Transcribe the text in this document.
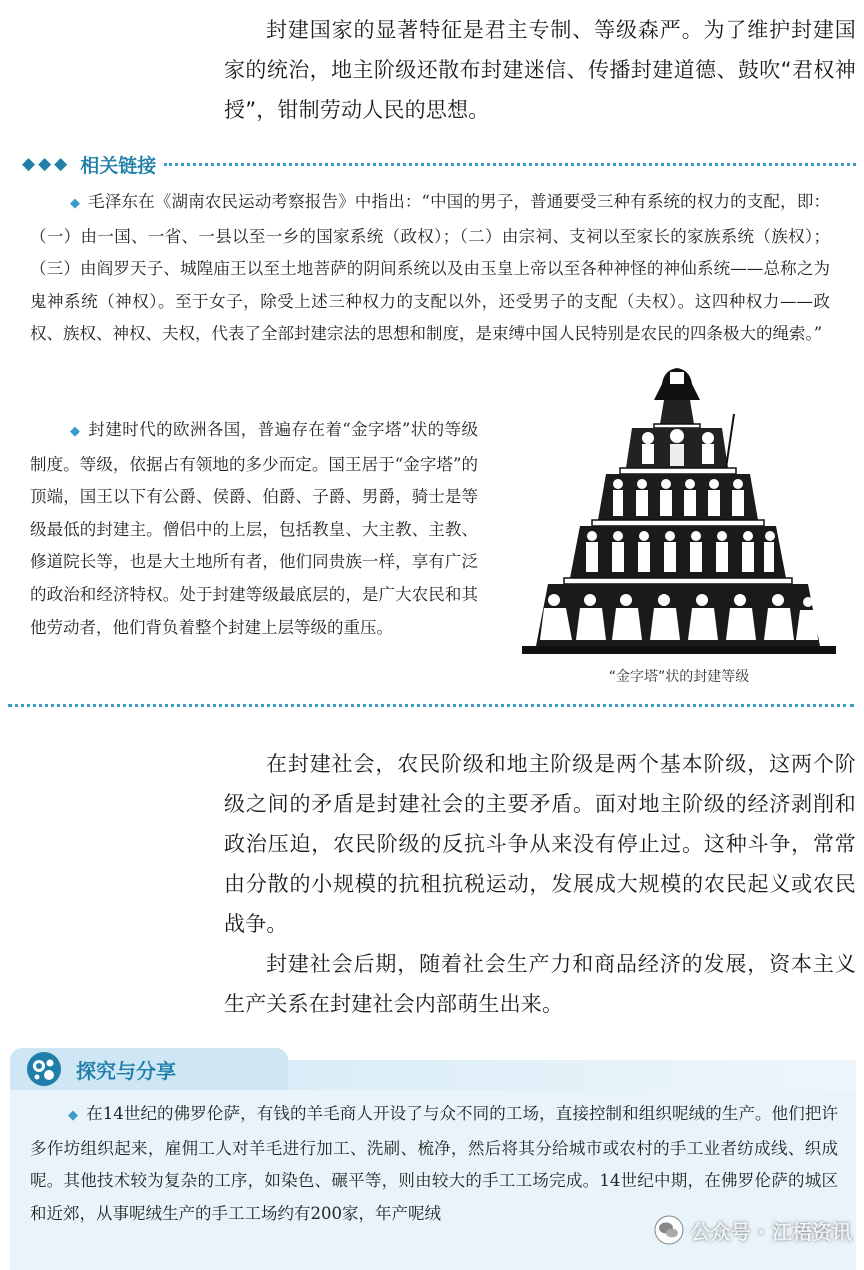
封建国家的显著特征是君主专制、等级森严。为了维护封建国家的统治，地主阶级还散布封建迷信、传播封建道德、鼓吹“君权神授”，钳制劳动人民的思想。

◆◆◆ 相关链接

◆ 毛泽东在《湖南农民运动考察报告》中指出：“中国的男子，普通要受三种有系统的权力的支配，即：（一）由一国、一省、一县以至一乡的国家系统（政权）；（二）由宗祠、支祠以至家长的家族系统（族权）；（三）由阎罗天子、城隍庙王以至土地菩萨的阴间系统以及由玉皇上帝以至各种神怪的神仙系统——总称之为鬼神系统（神权）。至于女子，除受上述三种权力的支配以外，还受男子的支配（夫权）。这四种权力——政权、族权、神权、夫权，代表了全部封建宗法的思想和制度，是束缚中国人民特别是农民的四条极大的绳索。”

◆ 封建时代的欧洲各国，普遍存在着“金字塔”状的等级制度。等级，依据占有领地的多少而定。国王居于“金字塔”的顶端，国王以下有公爵、侯爵、伯爵、子爵、男爵，骑士是等级最低的封建主。僧侣中的上层，包括教皇、大主教、主教、修道院长等，也是大土地所有者，他们同贵族一样，享有广泛的政治和经济特权。处于封建等级最底层的，是广大农民和其他劳动者，他们背负着整个封建上层等级的重压。

“金字塔”状的封建等级

在封建社会，农民阶级和地主阶级是两个基本阶级，这两个阶级之间的矛盾是封建社会的主要矛盾。面对地主阶级的经济剥削和政治压迫，农民阶级的反抗斗争从来没有停止过。这种斗争，常常由分散的小规模的抗租抗税运动，发展成大规模的农民起义或农民战争。

封建社会后期，随着社会生产力和商品经济的发展，资本主义生产关系在封建社会内部萌生出来。

探究与分享

◆ 在14世纪的佛罗伦萨，有钱的羊毛商人开设了与众不同的工场，直接控制和组织呢绒的生产。他们把许多作坊组织起来，雇佣工人对羊毛进行加工、洗刷、梳净，然后将其分给城市或农村的手工业者纺成线、织成呢。其他技术较为复杂的工序，如染色、碾平等，则由较大的手工工场完成。14世纪中期，在佛罗伦萨的城区和近郊，从事呢绒生产的手工工场约有200家，年产呢绒

公众号 · 江梧资讯
